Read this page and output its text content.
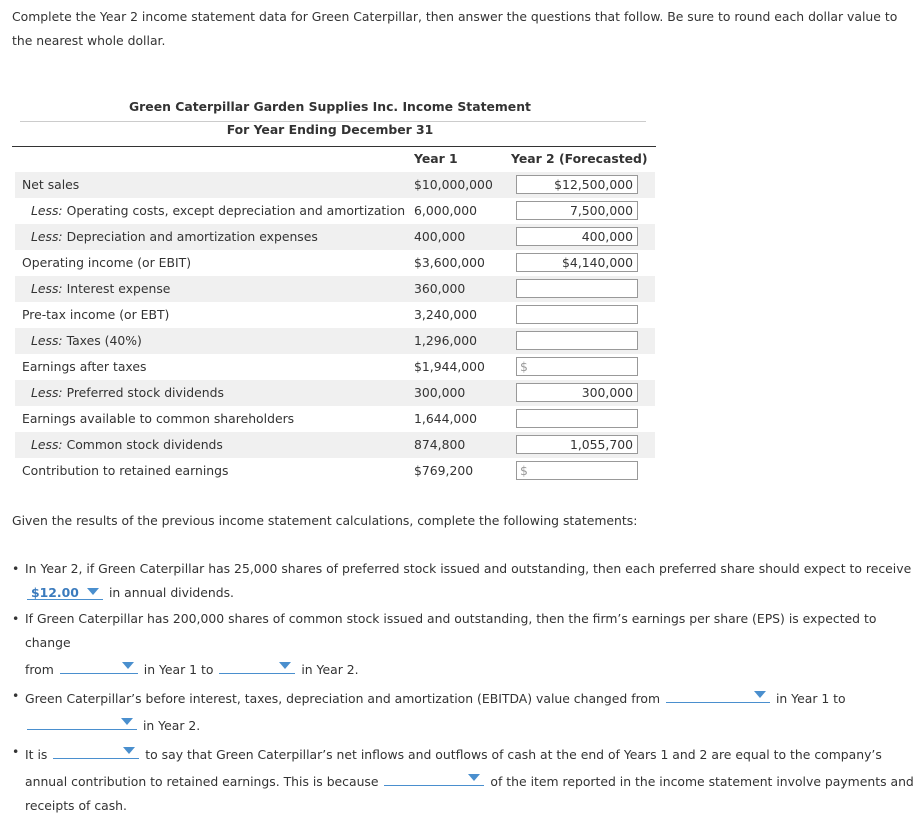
Complete the Year 2 income statement data for Green Caterpillar, then answer the questions that follow. Be sure to round each dollar value to the nearest whole dollar.
Green Caterpillar Garden Supplies Inc. Income Statement
For Year Ending December 31
Year 1	Year 2 (Forecasted)
Net sales	$10,000,000	$12,500,000
Less: Operating costs, except depreciation and amortization 6,000,000	7,500,000
Less: Depreciation and amortization expenses	400,000	400,000
Operating income (or EBIT)	$3,600,000	$4,140,000
Less: Interest expense	360,000
Pre-tax income (or EBT)	3,240,000
Less: Taxes (40%)	1,296,000
Earnings after taxes	$1,944,000	$
Less: Preferred stock dividends	300,000	300,000
Earnings available to common shareholders	1,644,000
Less: Common stock dividends	874,800	1,055,700
Contribution to retained earnings	$769,200	$
Given the results of the previous income statement calculations, complete the following statements:
• In Year 2, if Green Caterpillar has 25,000 shares of preferred stock issued and outstanding, then each preferred share should expect to receive
$12.00 in annual dividends.
• If Green Caterpillar has 200,000 shares of common stock issued and outstanding, then the firm’s earnings per share (EPS) is expected to change
from	in Year 1 to	in Year 2.
• Green Caterpillar’s before interest, taxes, depreciation and amortization (EBITDA) value changed from	in Year 1 to

in Year 2.
• It is	to say that Green Caterpillar’s net inflows and outflows of cash at the end of Years 1 and 2 are equal to the company’s annual contribution to retained earnings. This is because	of the item reported in the income statement involve payments and receipts of cash.
